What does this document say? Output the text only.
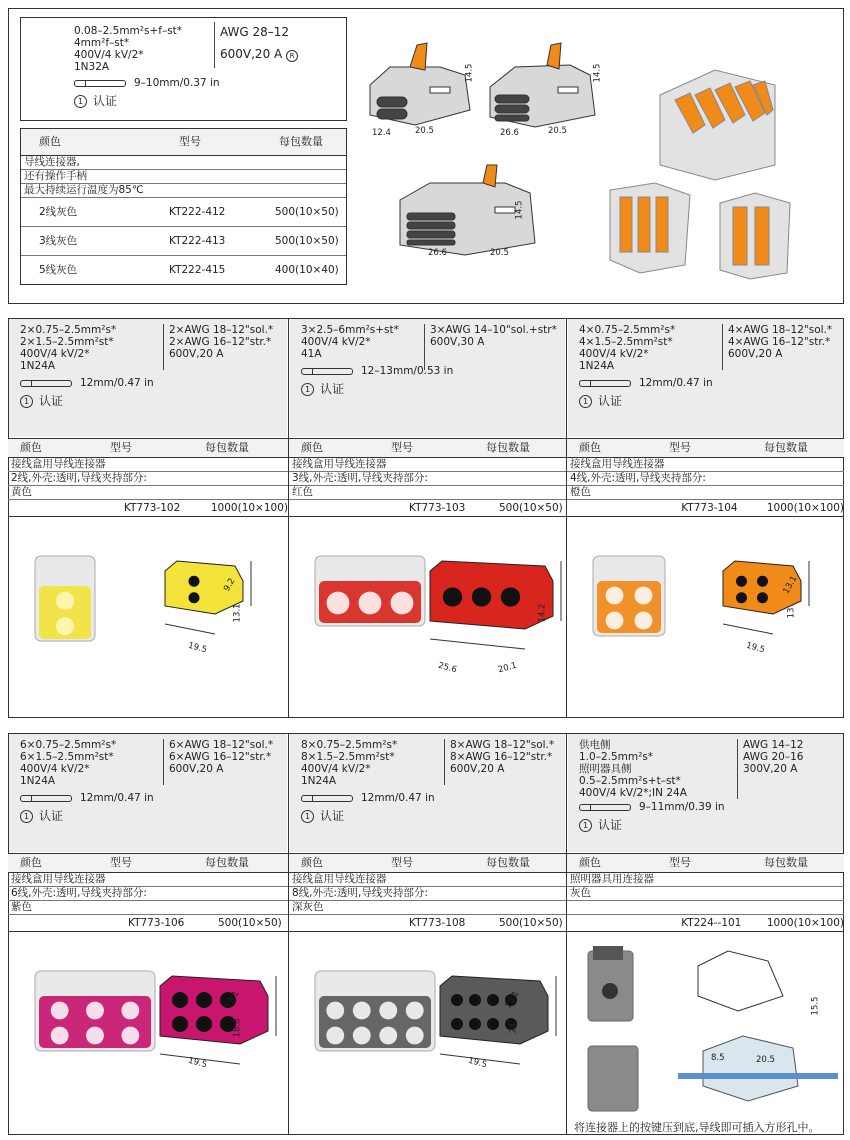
0.08–2.5mm²s+f–st*
4mm²f–st*
400V/4 kV/2*
1N32A
9–10mm/0.37 in
1 认证
AWG 28–12
600V,20 A R
颜色	型号	每包数量
导线连接器,
还有操作手柄
最大持续运行温度为85℃
2线灰色	KT222-412	500(10×50)
3线灰色	KT222-413	500(10×50)
5线灰色	KT222-415	400(10×40)
14.5
12.4	20.5
14.5
26.6	20.5
14.5
26.6	20.5
2×0.75–2.5mm²s*
2×1.5–2.5mm²st*
400V/4 kV/2*
1N24A
12mm/0.47 in
1 认证
2×AWG 18–12"sol.*
2×AWG 16–12"str.*
600V,20 A
颜色	型号	每包数量
接线盒用导线连接器
2线,外壳:透明,导线夹持部分:
黄色
KT773-102	1000(10×100)
9.2
13.1
19.5
3×2.5–6mm²s+st*
400V/4 kV/2*
41A
12–13mm/0.53 in
1 认证
3×AWG 14–10"sol.+str*
600V,30 A
颜色	型号	每包数量
接线盒用导线连接器
3线,外壳:透明,导线夹持部分:
红色
KT773-103	500(10×50)
14.2
25.6	20.1
4×0.75–2.5mm²s*
4×1.5–2.5mm²st*
400V/4 kV/2*
1N24A
12mm/0.47 in
1 认证
4×AWG 18–12"sol.*
4×AWG 16–12"str.*
600V,20 A
颜色	型号	每包数量
接线盒用导线连接器
4线,外壳:透明,导线夹持部分:
橙色
KT773-104	1000(10×100)
13.1
13
19.5
6×0.75–2.5mm²s*
6×1.5–2.5mm²st*
400V/4 kV/2*
1N24A
12mm/0.47 in
1 认证
6×AWG 18–12"sol.*
6×AWG 16–12"str.*
600V,20 A
颜色	型号	每包数量
接线盒用导线连接器
6线,外壳:透明,导线夹持部分:
紫色
KT773-106	500(10×50)
13.1
18.8
19.5
8×0.75–2.5mm²s*
8×1.5–2.5mm²st*
400V/4 kV/2*
1N24A
12mm/0.47 in
1 认证
8×AWG 18–12"sol.*
8×AWG 16–12"str.*
600V,20 A
颜色	型号	每包数量
接线盒用导线连接器
8线,外壳:透明,导线夹持部分:
深灰色
KT773-108	500(10×50)
13.1
24
19.5
供电侧
1.0–2.5mm²s*
照明器具侧
0.5–2.5mm²s+t–st*
400V/4 kV/2*;IN 24A
9–11mm/0.39 in
1 认证
AWG 14–12
AWG 20–16
300V,20 A
颜色	型号	每包数量
照明器具用连接器
灰色
KT224--101	1000(10×100)
15.5
8.5	20.5
将连接器上的按键压到底,导线即可插入方形孔中。
